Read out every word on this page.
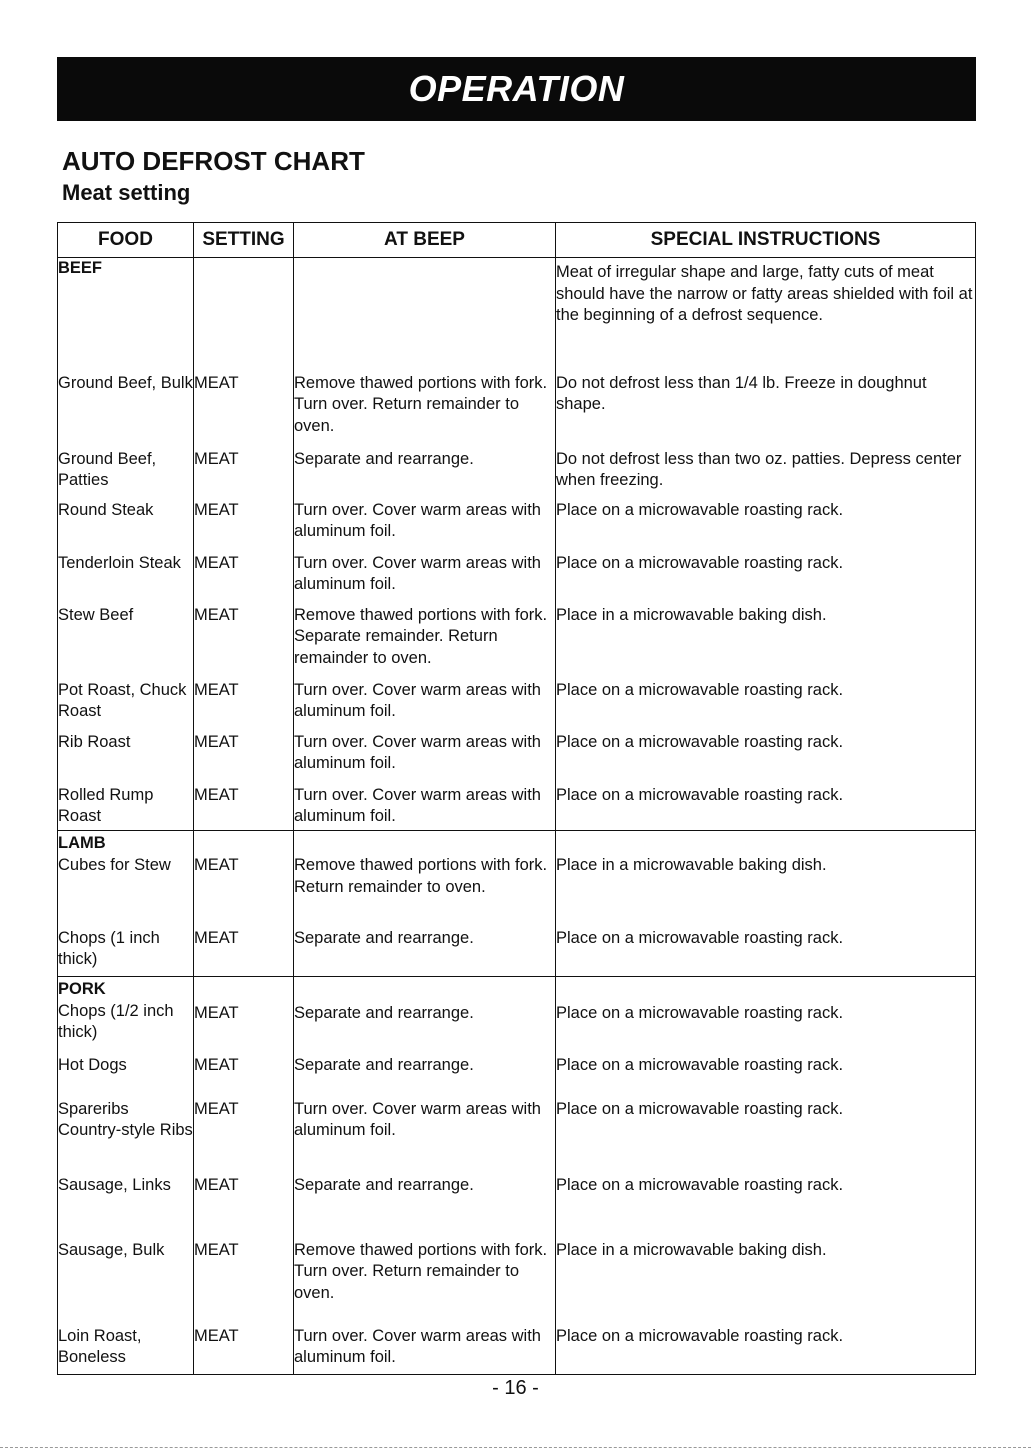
OPERATION
AUTO DEFROST CHART
Meat setting
FOOD	SETTING	AT BEEP	SPECIAL INSTRUCTIONS

BEEF			Meat of irregular shape and large, fatty cuts of meat should have the narrow or fatty areas shielded with foil at the beginning of a defrost sequence.
Ground Beef, Bulk	MEAT	Remove thawed portions with fork. Turn over. Return remainder to oven.	Do not defrost less than 1/4 lb. Freeze in doughnut shape.
Ground Beef, Patties	MEAT	Separate and rearrange.	Do not defrost less than two oz. patties. Depress center when freezing.
Round Steak	MEAT	Turn over. Cover warm areas with aluminum foil.	Place on a microwavable roasting rack.
Tenderloin Steak	MEAT	Turn over. Cover warm areas with aluminum foil.	Place on a microwavable roasting rack.
Stew Beef	MEAT	Remove thawed portions with fork. Separate remainder. Return remainder to oven.	Place in a microwavable baking dish.
Pot Roast, Chuck Roast	MEAT	Turn over. Cover warm areas with aluminum foil.	Place on a microwavable roasting rack.
Rib Roast	MEAT	Turn over. Cover warm areas with aluminum foil.	Place on a microwavable roasting rack.
Rolled Rump Roast	MEAT	Turn over. Cover warm areas with aluminum foil.	Place on a microwavable roasting rack.

LAMB
Cubes for Stew	MEAT	Remove thawed portions with fork. Return remainder to oven.	Place in a microwavable baking dish.
Chops (1 inch thick)	MEAT	Separate and rearrange.	Place on a microwavable roasting rack.

PORK
Chops (1/2 inch thick)	MEAT	Separate and rearrange.	Place on a microwavable roasting rack.
Hot Dogs	MEAT	Separate and rearrange.	Place on a microwavable roasting rack.
Spareribs Country-style Ribs	MEAT	Turn over. Cover warm areas with aluminum foil.	Place on a microwavable roasting rack.
Sausage, Links	MEAT	Separate and rearrange.	Place on a microwavable roasting rack.
Sausage, Bulk	MEAT	Remove thawed portions with fork. Turn over. Return remainder to oven.	Place in a microwavable baking dish.
Loin Roast, Boneless	MEAT	Turn over. Cover warm areas with aluminum foil.	Place on a microwavable roasting rack.
- 16 -
